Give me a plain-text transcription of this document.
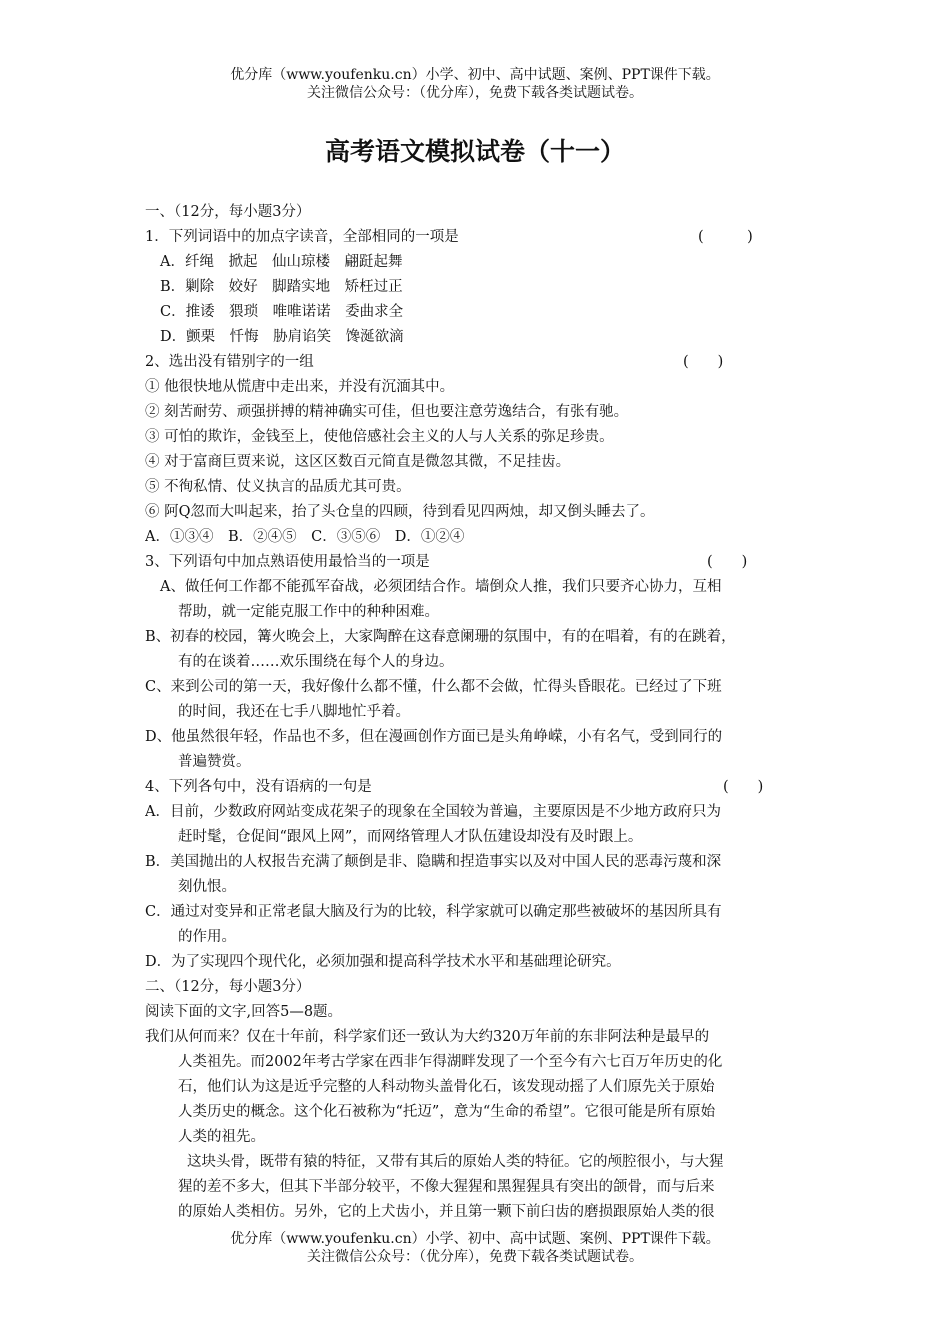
优分库（www.youfenku.cn）小学、初中、高中试题、案例、PPT课件下载。
关注微信公众号：（优分库），免费下载各类试题试卷。
高考语文模拟试卷（十一）
一、（12分，每小题3分）
1．下列词语中的加点字读音，全部相同的一项是	(　　　)
A．纤绳　掀起　仙山琼楼　翩跹起舞
B．剿除　姣好　脚踏实地　矫枉过正
C．推诿　猥琐　唯唯诺诺　委曲求全
D．颤栗　忏悔　胁肩谄笑　馋涎欲滴
2、选出没有错别字的一组	(　　)
① 他很快地从慌唐中走出来，并没有沉湎其中。
② 刻苦耐劳、顽强拼搏的精神确实可佳，但也要注意劳逸结合，有张有驰。
③ 可怕的欺诈，金钱至上，使他倍感社会主义的人与人关系的弥足珍贵。
④ 对于富商巨贾来说，这区区数百元简直是微忽其微，不足挂齿。
⑤ 不徇私情、仗义执言的品质尤其可贵。
⑥ 阿Q忽而大叫起来，抬了头仓皇的四顾，待到看见四两烛，却又倒头睡去了。
A．①③④　B．②④⑤　C．③⑤⑥　D．①②④
3、下列语句中加点熟语使用最恰当的一项是	(　　)
A、做任何工作都不能孤军奋战，必须团结合作。墙倒众人推，我们只要齐心协力，互相
帮助，就一定能克服工作中的种种困难。
B、初春的校园，篝火晚会上，大家陶醉在这春意阑珊的氛围中，有的在唱着，有的在跳着，
有的在谈着……欢乐围绕在每个人的身边。
C、来到公司的第一天，我好像什么都不懂，什么都不会做，忙得头昏眼花。已经过了下班
的时间，我还在七手八脚地忙乎着。
D、他虽然很年轻，作品也不多，但在漫画创作方面已是头角峥嵘，小有名气，受到同行的
普遍赞赏。
4、下列各句中，没有语病的一句是	(　　)
A．目前，少数政府网站变成花架子的现象在全国较为普遍，主要原因是不少地方政府只为
赶时髦，仓促间“跟风上网”，而网络管理人才队伍建设却没有及时跟上。
B．美国抛出的人权报告充满了颠倒是非、隐瞒和捏造事实以及对中国人民的恶毒污蔑和深
刻仇恨。
C．通过对变异和正常老鼠大脑及行为的比较，科学家就可以确定那些被破坏的基因所具有
的作用。
D．为了实现四个现代化，必须加强和提高科学技术水平和基础理论研究。
二、（12分，每小题3分）
阅读下面的文字,回答5—8题。
我们从何而来？仅在十年前，科学家们还一致认为大约320万年前的东非阿法种是最早的
人类祖先。而2002年考古学家在西非乍得湖畔发现了一个至今有六七百万年历史的化
石，他们认为这是近乎完整的人科动物头盖骨化石，该发现动摇了人们原先关于原始
人类历史的概念。这个化石被称为“托迈”，意为“生命的希望”。它很可能是所有原始
人类的祖先。
这块头骨，既带有猿的特征，又带有其后的原始人类的特征。它的颅腔很小，与大猩
猩的差不多大，但其下半部分较平，不像大猩猩和黑猩猩具有突出的颌骨，而与后来
的原始人类相仿。另外，它的上犬齿小，并且第一颗下前臼齿的磨损跟原始人类的很
优分库（www.youfenku.cn）小学、初中、高中试题、案例、PPT课件下载。
关注微信公众号：（优分库），免费下载各类试题试卷。
